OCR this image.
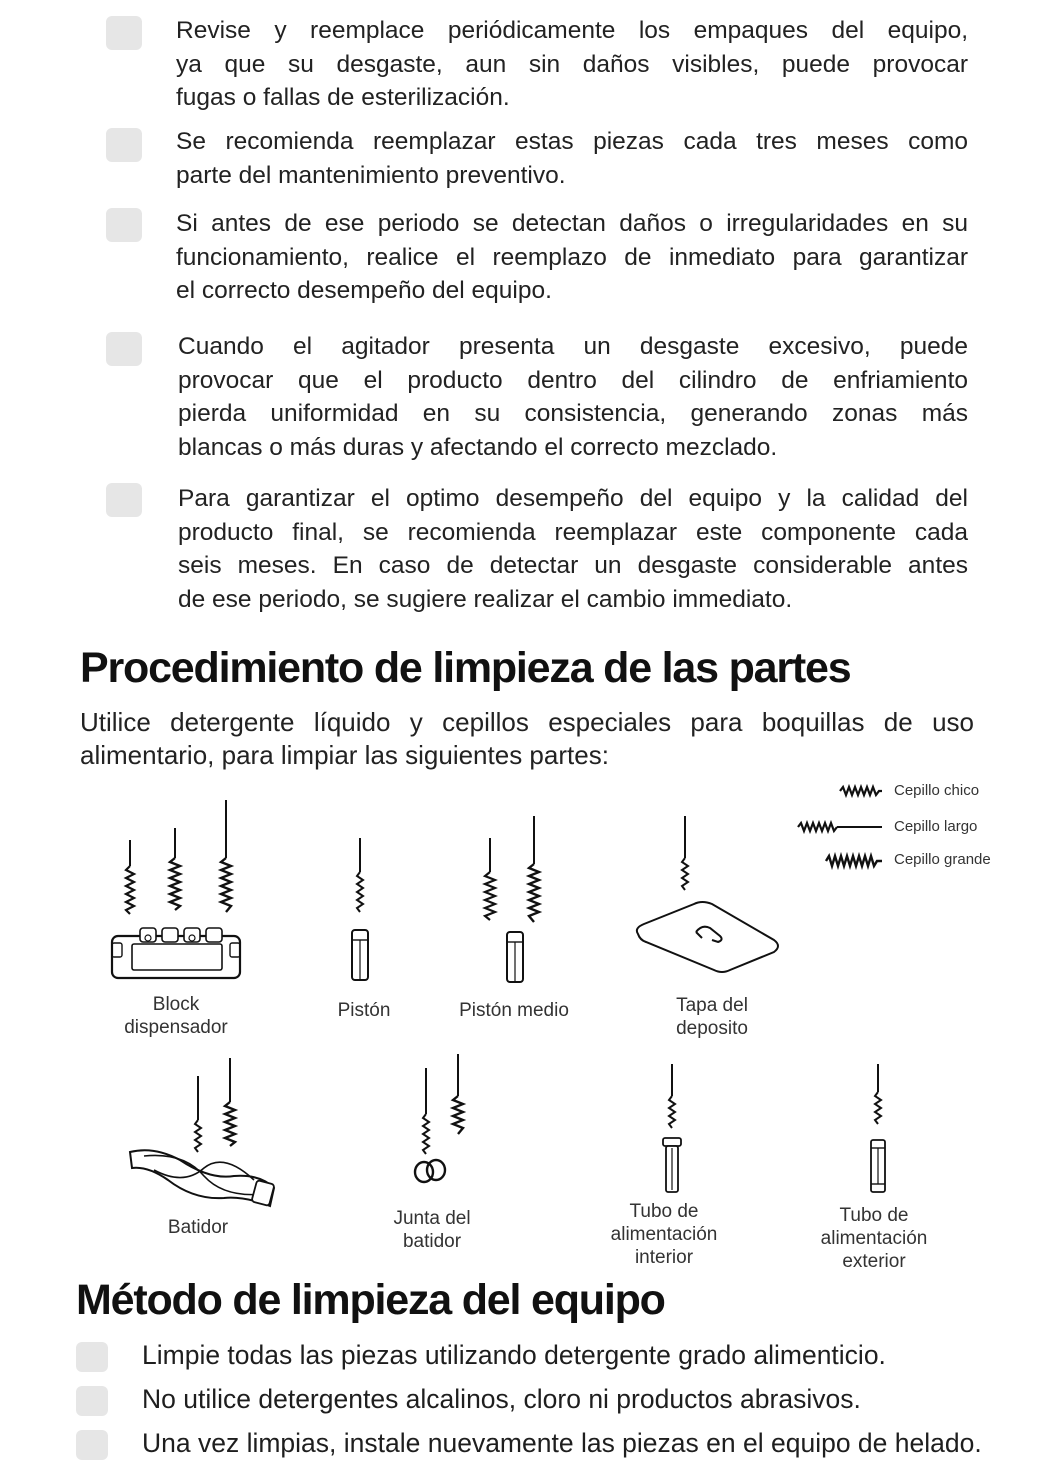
Revise y reemplace periódicamente los empaques del equipo,
ya que su desgaste, aun sin daños visibles, puede provocar
fugas o fallas de esterilización.
Se recomienda reemplazar estas piezas cada tres meses como
parte del mantenimiento preventivo.
Si antes de ese periodo se detectan daños o irregularidades en su
funcionamiento, realice el reemplazo de inmediato para garantizar
el correcto desempeño del equipo.
Cuando el agitador presenta un desgaste excesivo, puede
provocar que el producto dentro del cilindro de enfriamiento
pierda uniformidad en su consistencia, generando zonas más
blancas o más duras y afectando el correcto mezclado.
Para garantizar el optimo desempeño del equipo y la calidad del
producto final, se recomienda reemplazar este componente cada
seis meses. En caso de detectar un desgaste considerable antes
de ese periodo, se sugiere realizar el cambio immediato.
Procedimiento de limpieza de las partes
Utilice detergente líquido y cepillos especiales para boquillas de uso
alimentario, para limpiar las siguientes partes:
Cepillo chico
Cepillo largo
Cepillo grande
Block
dispensador
Pistón	Pistón medio	Tapa del
deposito
Batidor	Junta del
batidor
Tubo de
alimentación
interior
Tubo de
alimentación
exterior
Método de limpieza del equipo
Limpie todas las piezas utilizando detergente grado alimenticio.
No utilice detergentes alcalinos, cloro ni productos abrasivos.
Una vez limpias, instale nuevamente las piezas en el equipo de helado.
